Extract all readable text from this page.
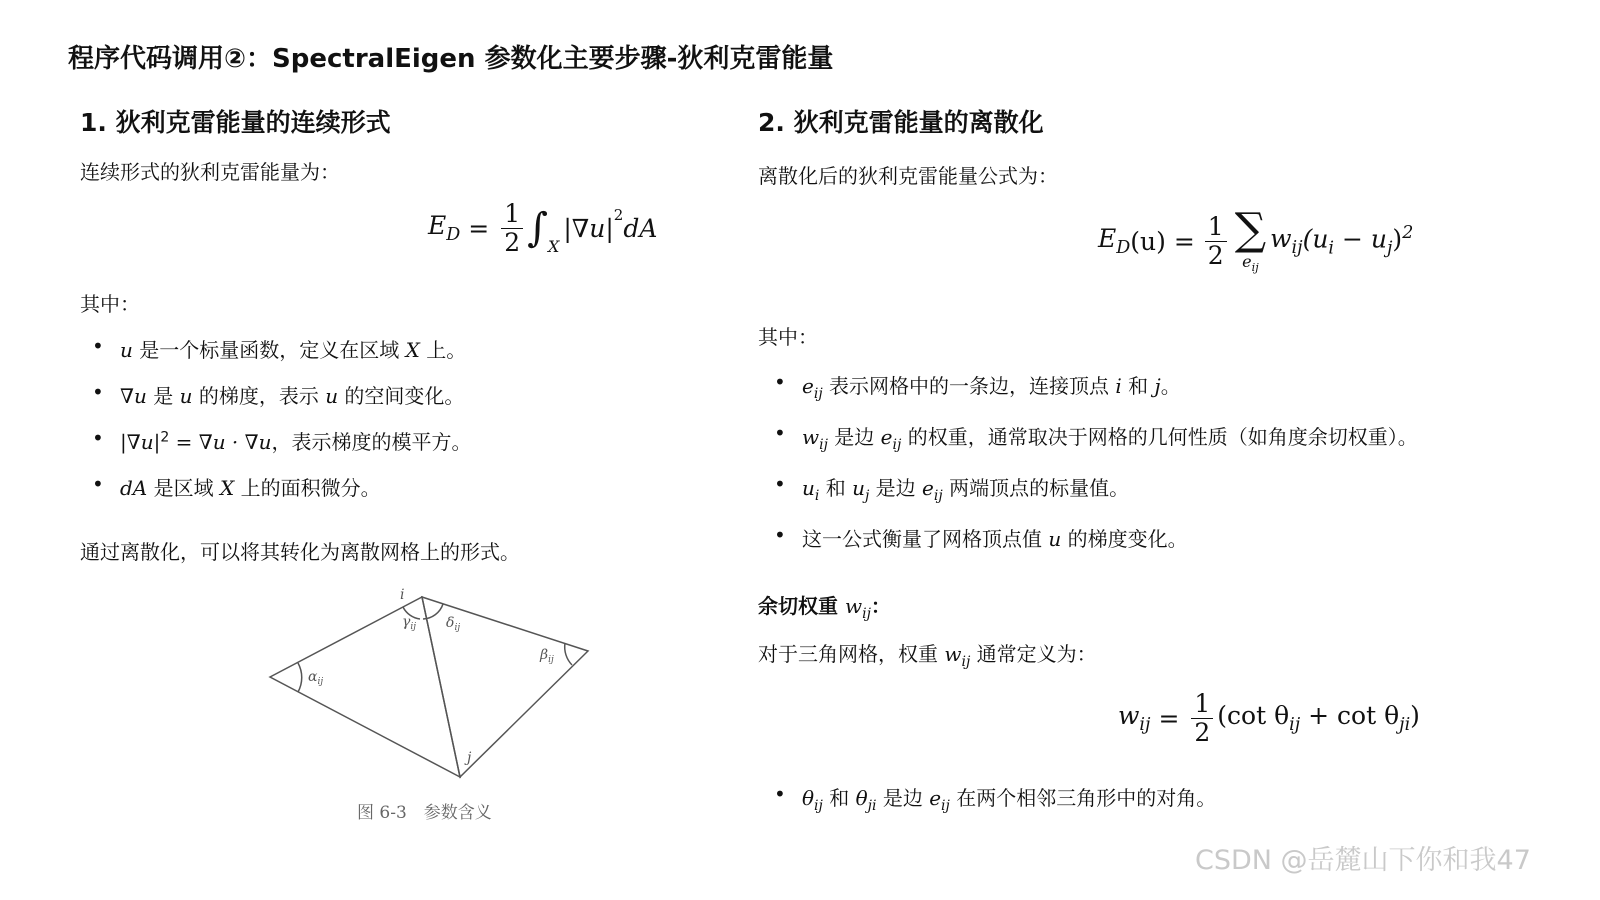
程序代码调用②：SpectralEigen 参数化主要步骤-狄利克雷能量
1. 狄利克雷能量的连续形式
连续形式的狄利克雷能量为：
$E_D = \frac{1}{2} \int_X$
$|\nabla u|^2$ dA
其中：
• u 是一个标量函数，定义在区域 X 上。
• ∇u 是 u 的梯度，表示 u 的空间变化。
• $|\nabla u|^2 = \nabla u \cdot \nabla u$，表示梯度的模平方。
• dA 是区域 X 上的面积微分。
通过离散化，可以将其转化为离散网格上的形式。
i
j
$\gamma_{ij}$ $\delta_{ij}$
$\alpha_{ij}$
$\beta_{ij}$
图 6-3　参数含义
2. 狄利克雷能量的离散化
离散化后的狄利克雷能量公式为：
$E_D$ $(u) = \frac{1}{2}$ ∑
$e_{ij}$
$w_{ij}$ $(u_i - u_j)^2$
其中：
• $e_{ij}$ 表示网格中的一条边，连接顶点 i 和 j。
• $w_{ij}$ 是边 $e_{ij}$ 的权重，通常取决于网格的几何性质（如角度余切权重）。
• $u_i$ 和 $u_j$ 是边 $e_{ij}$ 两端顶点的标量值。
• 这一公式衡量了网格顶点值 u 的梯度变化。
余切权重 $w_{ij}$：
对于三角网格，权重 $w_{ij}$ 通常定义为：
$w_{ij} = \frac{1}{2} (\cot$ $\theta_{ij} + \cot \theta_{ji}$)
• $\theta_{ij}$ 和 $\theta_{ji}$ 是边 $e_{ij}$ 在两个相邻三角形中的对角。
CSDN @岳麓山下你和我47
